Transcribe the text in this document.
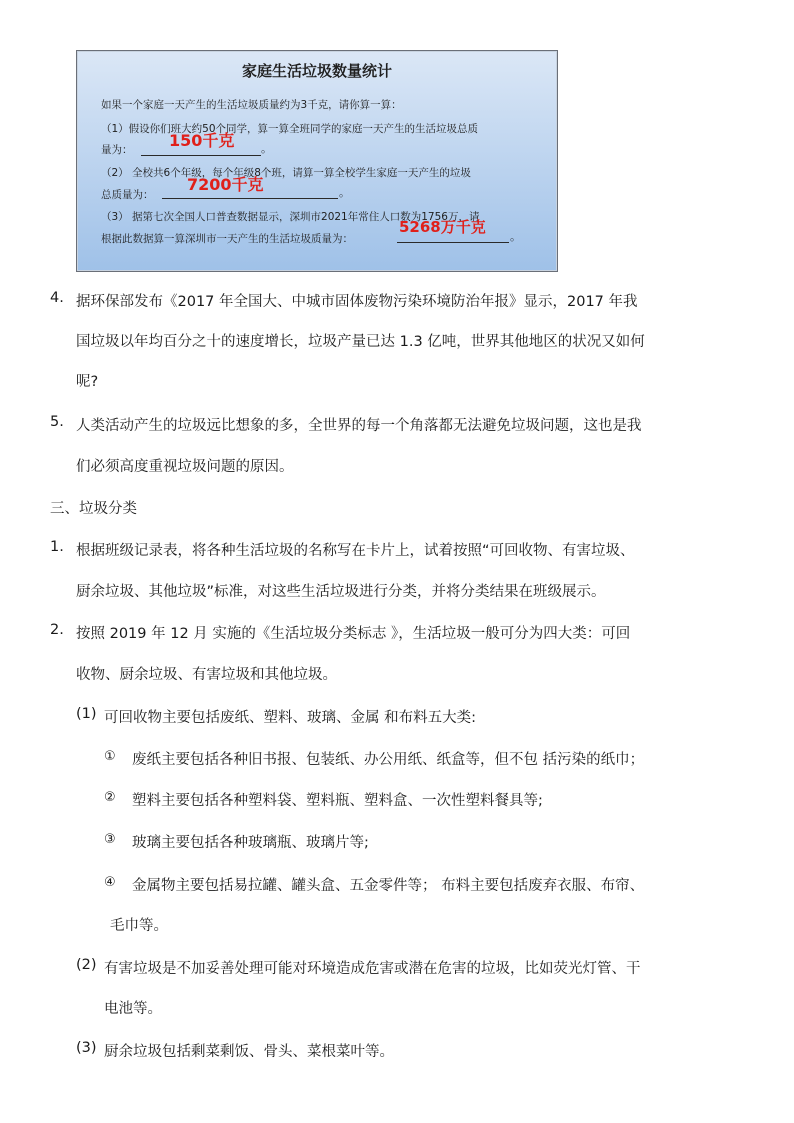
家庭生活垃圾数量统计
如果一个家庭一天产生的生活垃圾质量约为3千克，请你算一算：
（1）假设你们班大约50个同学，算一算全班同学的家庭一天产生的生活垃圾总质
量为：	。
150千克
（2） 全校共6个年级，每个年级8个班，请算一算全校学生家庭一天产生的垃圾
总质量为：	。
7200千克
（3） 据第七次全国人口普查数据显示，深圳市2021年常住人口数为1756万，请
根据此数据算一算深圳市一天产生的生活垃圾质量为：	。
5268万千克
4. 据环保部发布《2017 年全国大、中城市固体废物污染环境防治年报》显示，2017 年我
国垃圾以年均百分之十的速度增长，垃圾产量已达 1.3 亿吨，世界其他地区的状况又如何
呢?
5. 人类活动产生的垃圾远比想象的多，全世界的每一个角落都无法避免垃圾问题，这也是我
们必须高度重视垃圾问题的原因。
三、垃圾分类
1. 根据班级记录表，将各种生活垃圾的名称写在卡片上，试着按照“可回收物、有害垃圾、
厨余垃圾、其他垃圾”标准，对这些生活垃圾进行分类，并将分类结果在班级展示。
2. 按照 2019 年 12 月 实施的《生活垃圾分类标志 》，生活垃圾一般可分为四大类：可回
收物、厨余垃圾、有害垃圾和其他垃圾。
(1) 可回收物主要包括废纸、塑料、玻璃、金属 和布料五大类:
① 废纸主要包括各种旧书报、包装纸、办公用纸、纸盒等，但不包 括污染的纸巾；
② 塑料主要包括各种塑料袋、塑料瓶、塑料盒、一次性塑料餐具等;
③ 玻璃主要包括各种玻璃瓶、玻璃片等;
④ 金属物主要包括易拉罐、罐头盒、五金零件等； 布料主要包括废弃衣服、布帘、
毛巾等。
(2) 有害垃圾是不加妥善处理可能对环境造成危害或潜在危害的垃圾，比如荧光灯管、干
电池等。
(3) 厨余垃圾包括剩菜剩饭、骨头、菜根菜叶等。
